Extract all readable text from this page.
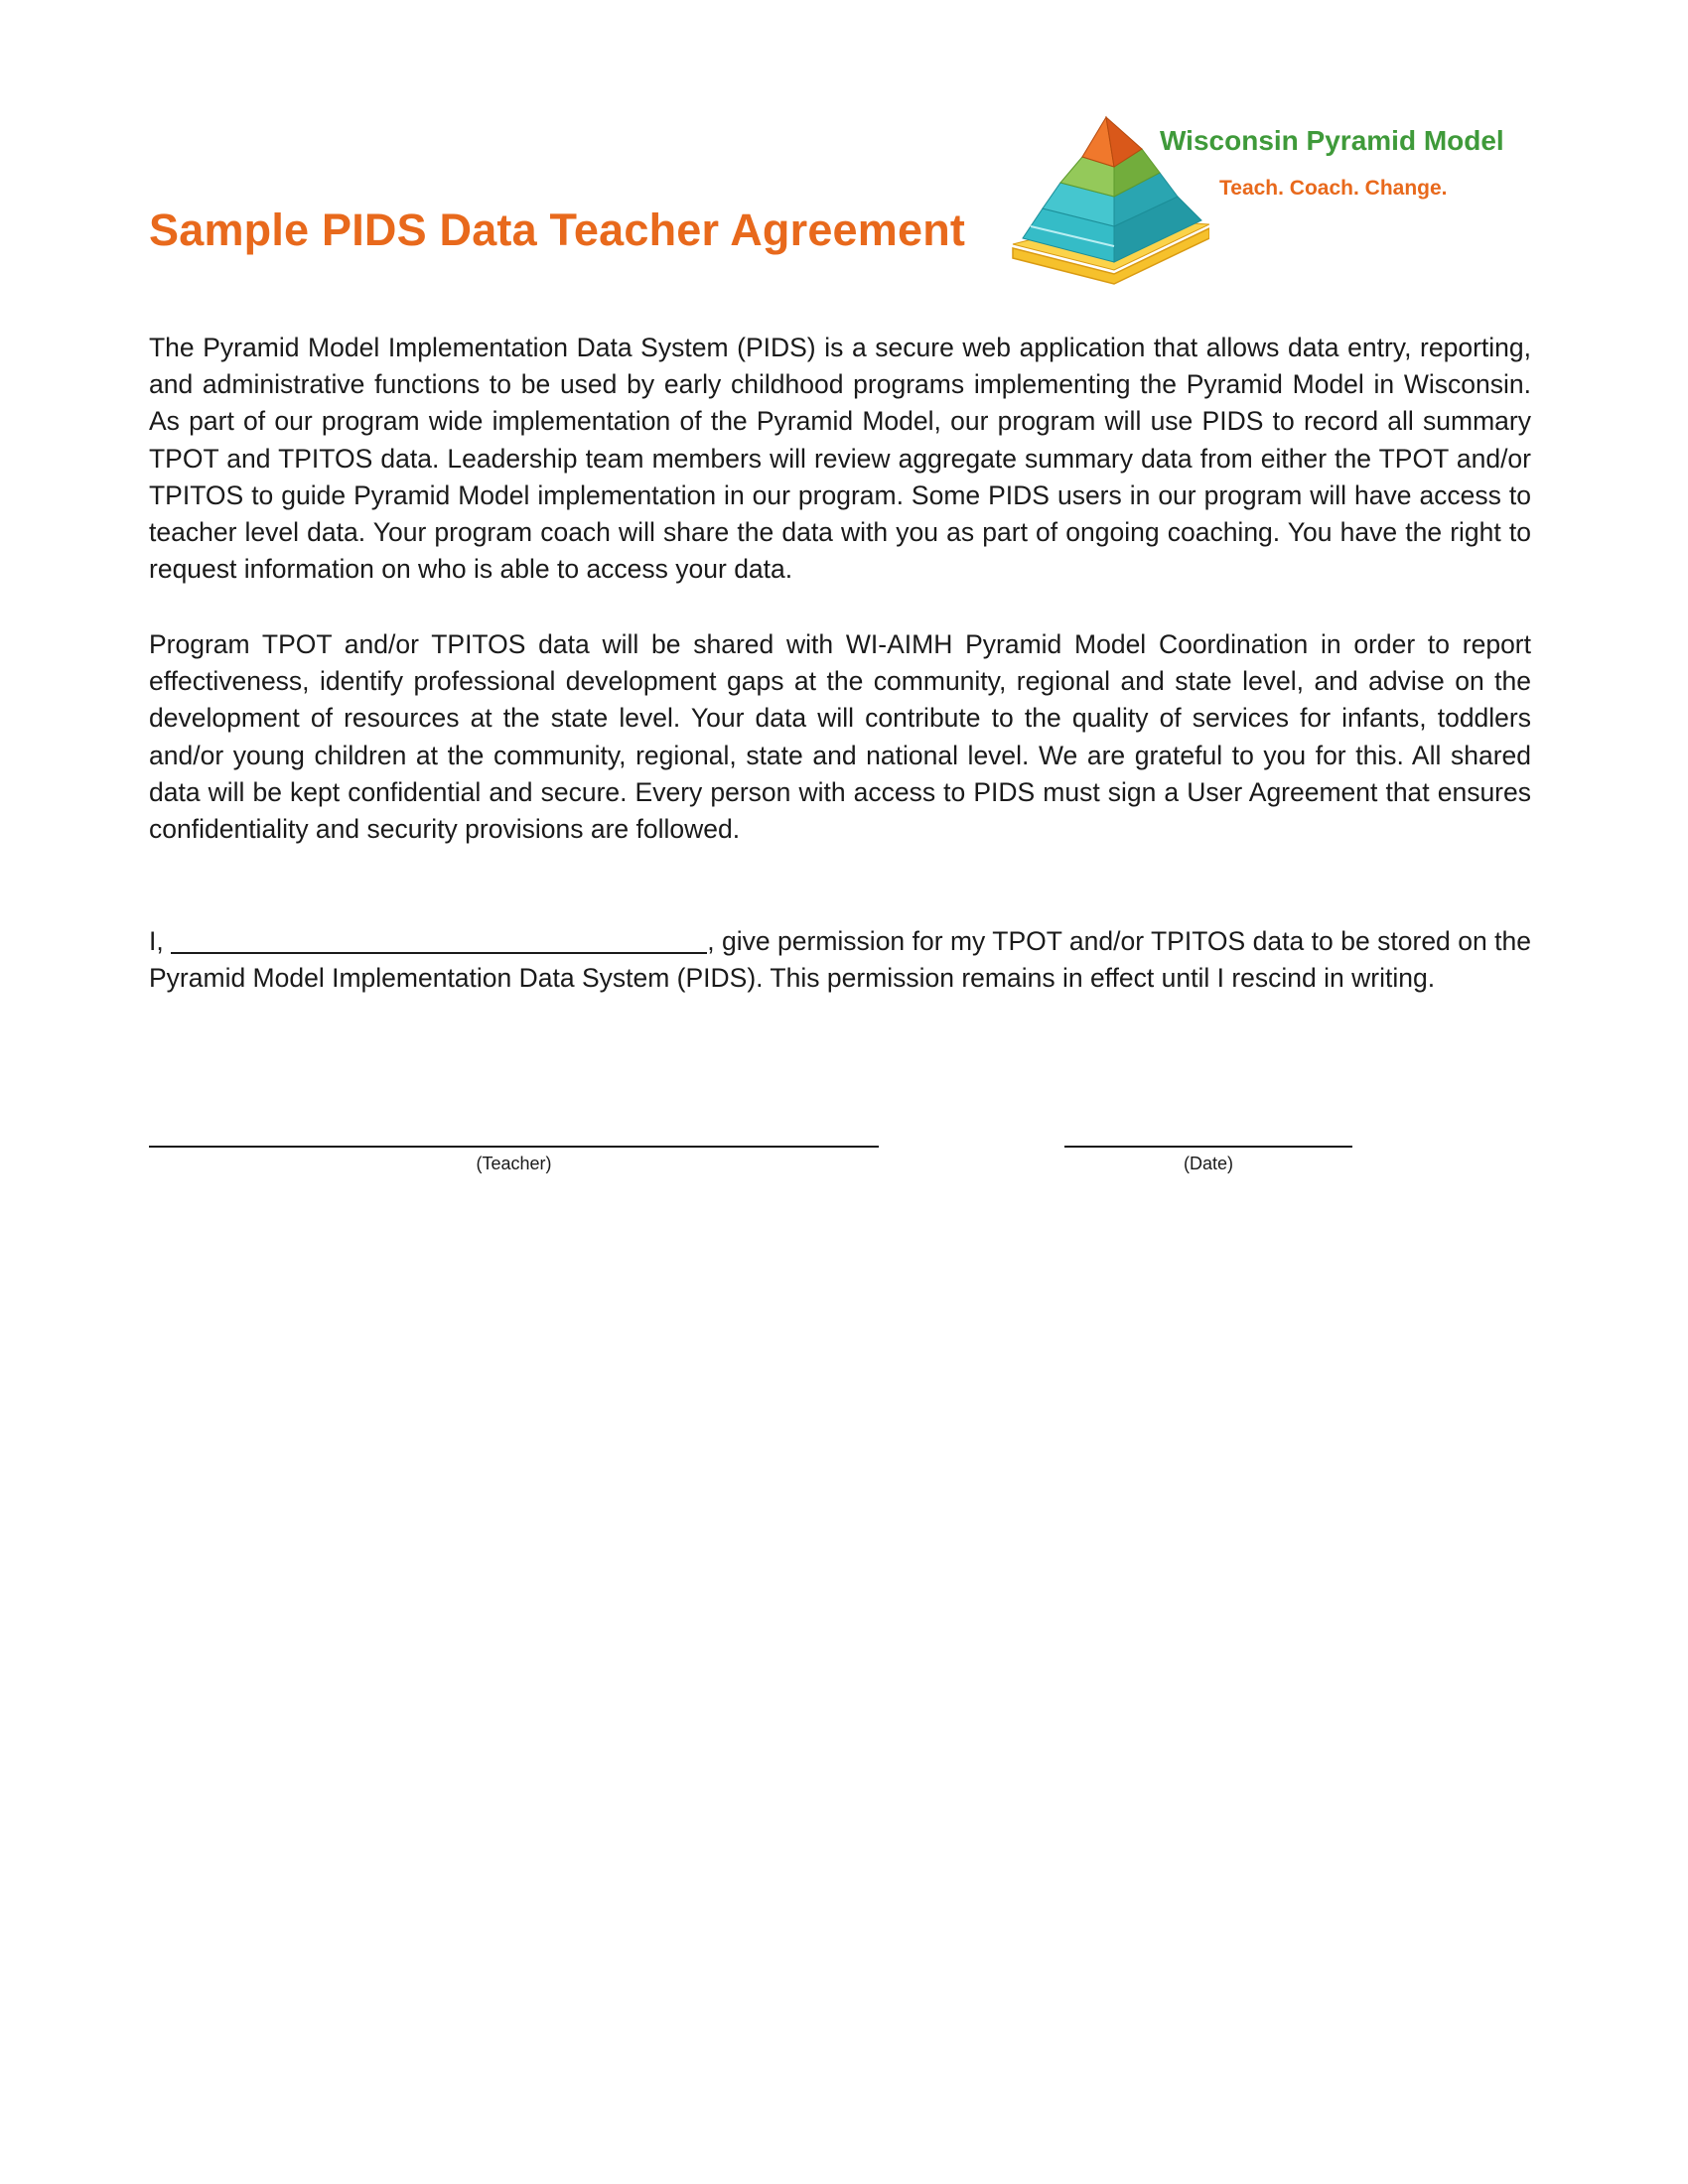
Sample PIDS Data Teacher Agreement
Wisconsin Pyramid Model
Teach. Coach. Change.

The Pyramid Model Implementation Data System (PIDS) is a secure web application that allows data entry, reporting, and administrative functions to be used by early childhood programs implementing the Pyramid Model in Wisconsin. As part of our program wide implementation of the Pyramid Model, our program will use PIDS to record all summary TPOT and TPITOS data. Leadership team members will review aggregate summary data from either the TPOT and/or TPITOS to guide Pyramid Model implementation in our program. Some PIDS users in our program will have access to teacher level data. Your program coach will share the data with you as part of ongoing coaching. You have the right to request information on who is able to access your data.

Program TPOT and/or TPITOS data will be shared with WI-AIMH Pyramid Model Coordination in order to report effectiveness, identify professional development gaps at the community, regional and state level, and advise on the development of resources at the state level. Your data will contribute to the quality of services for infants, toddlers and/or young children at the community, regional, state and national level. We are grateful to you for this. All shared data will be kept confidential and secure. Every person with access to PIDS must sign a User Agreement that ensures confidentiality and security provisions are followed.

I,	, give permission for my TPOT and/or TPITOS data to be stored on the Pyramid Model Implementation Data System (PIDS). This permission remains in effect until I rescind in writing.

(Teacher)	(Date)
